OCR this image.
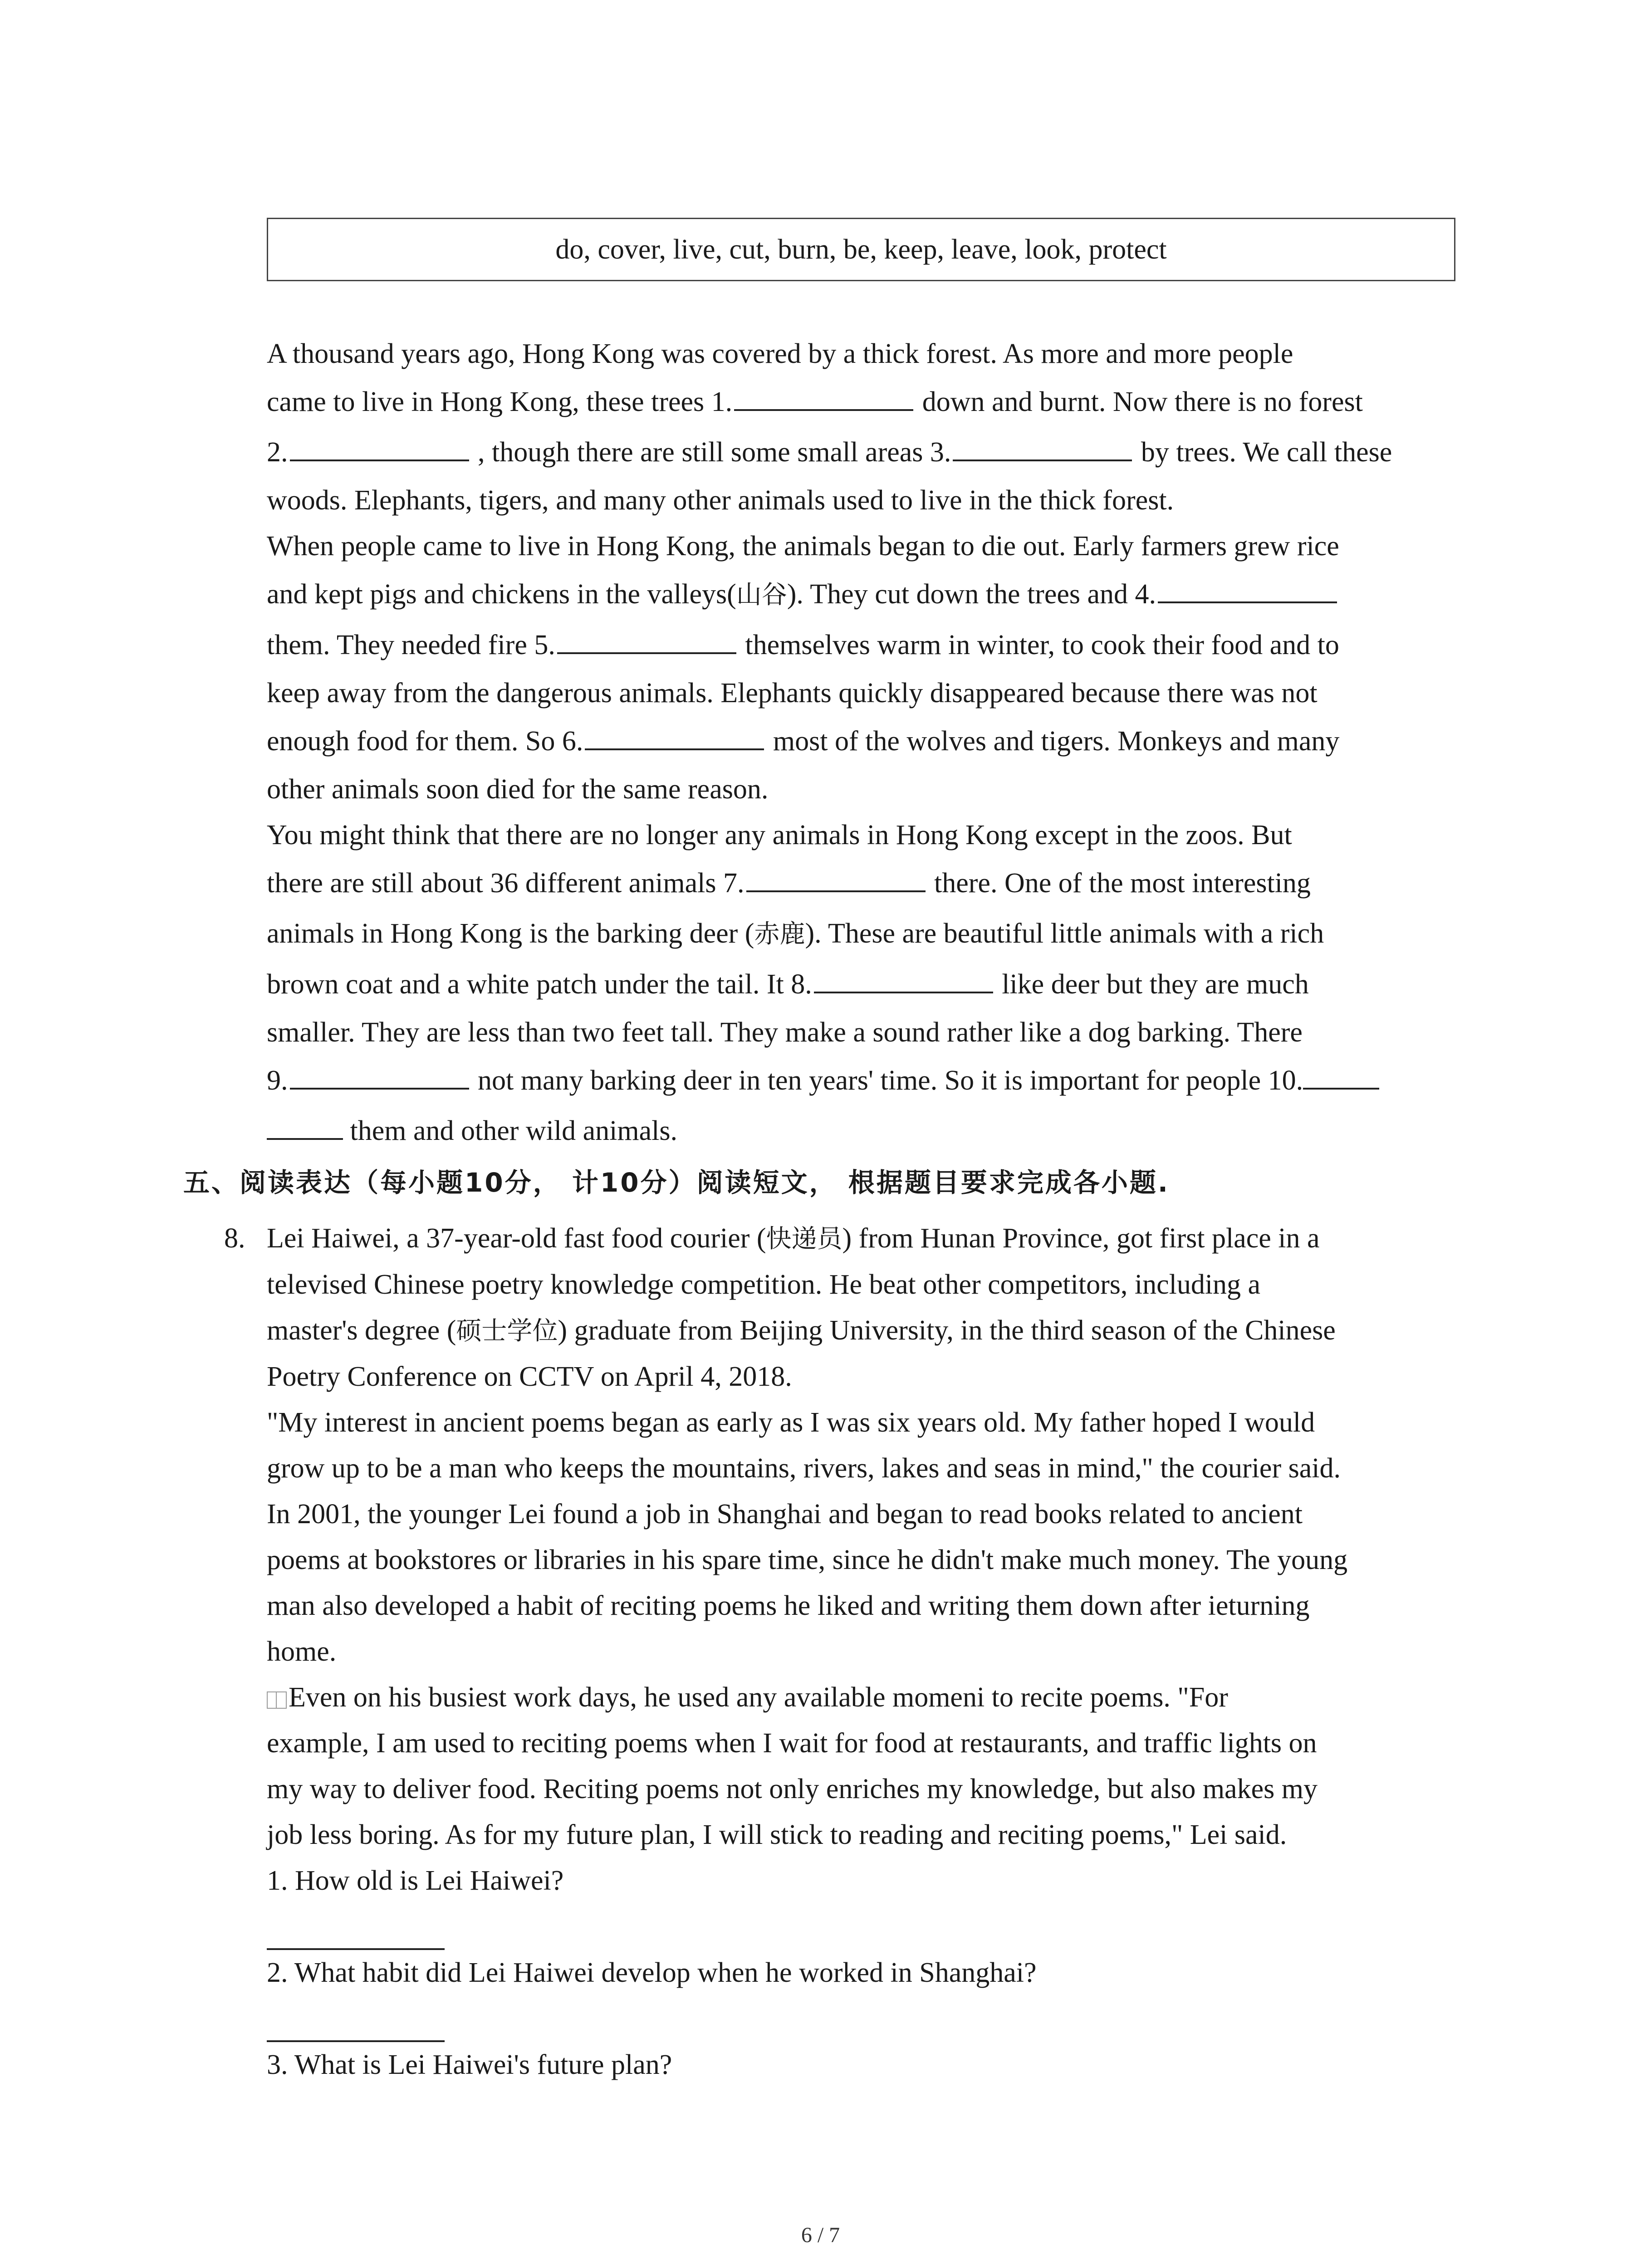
do, cover, live, cut, burn, be, keep, leave, look, protect
A thousand years ago, Hong Kong was covered by a thick forest. As more and more people
came to live in Hong Kong, these trees 1.	down and burnt. Now there is no forest
2.	, though there are still some small areas 3.	by trees. We call these
woods. Elephants, tigers, and many other animals used to live in the thick forest.
When people came to live in Hong Kong, the animals began to die out. Early farmers grew rice
and kept pigs and chickens in the valleys(山谷). They cut down the trees and 4.
them. They needed fire 5.	themselves warm in winter, to cook their food and to
keep away from the dangerous animals. Elephants quickly disappeared because there was not
enough food for them. So 6.	most of the wolves and tigers. Monkeys and many
other animals soon died for the same reason.
You might think that there are no longer any animals in Hong Kong except in the zoos. But
there are still about 36 different animals 7.	there. One of the most interesting
animals in Hong Kong is the barking deer (赤鹿). These are beautiful little animals with a rich
brown coat and a white patch under the tail. It 8.	like deer but they are much
smaller. They are less than two feet tall. They make a sound rather like a dog barking. There
9.	not many barking deer in ten years' time. So it is important for people 10.
them and other wild animals.
五、阅读表达（每小题10分， 计10分）阅读短文， 根据题目要求完成各小题.
8. Lei Haiwei, a 37-year-old fast food courier (快递员) from Hunan Province, got first place in a
televised Chinese poetry knowledge competition. He beat other competitors, including a
master's degree (硕士学位) graduate from Beijing University, in the third season of the Chinese
Poetry Conference on CCTV on April 4, 2018.
"My interest in ancient poems began as early as I was six years old. My father hoped I would
grow up to be a man who keeps the mountains, rivers, lakes and seas in mind," the courier said.
In 2001, the younger Lei found a job in Shanghai and began to read books related to ancient
poems at bookstores or libraries in his spare time, since he didn't make much money. The young
man also developed a habit of reciting poems he liked and writing them down after ieturning
home.
Even on his busiest work days, he used any available momeni to recite poems. "For
example, I am used to reciting poems when I wait for food at restaurants, and traffic lights on
my way to deliver food. Reciting poems not only enriches my knowledge, but also makes my
job less boring. As for my future plan, I will stick to reading and reciting poems," Lei said.
1. How old is Lei Haiwei?
2. What habit did Lei Haiwei develop when he worked in Shanghai?
3. What is Lei Haiwei's future plan?
6 / 7
